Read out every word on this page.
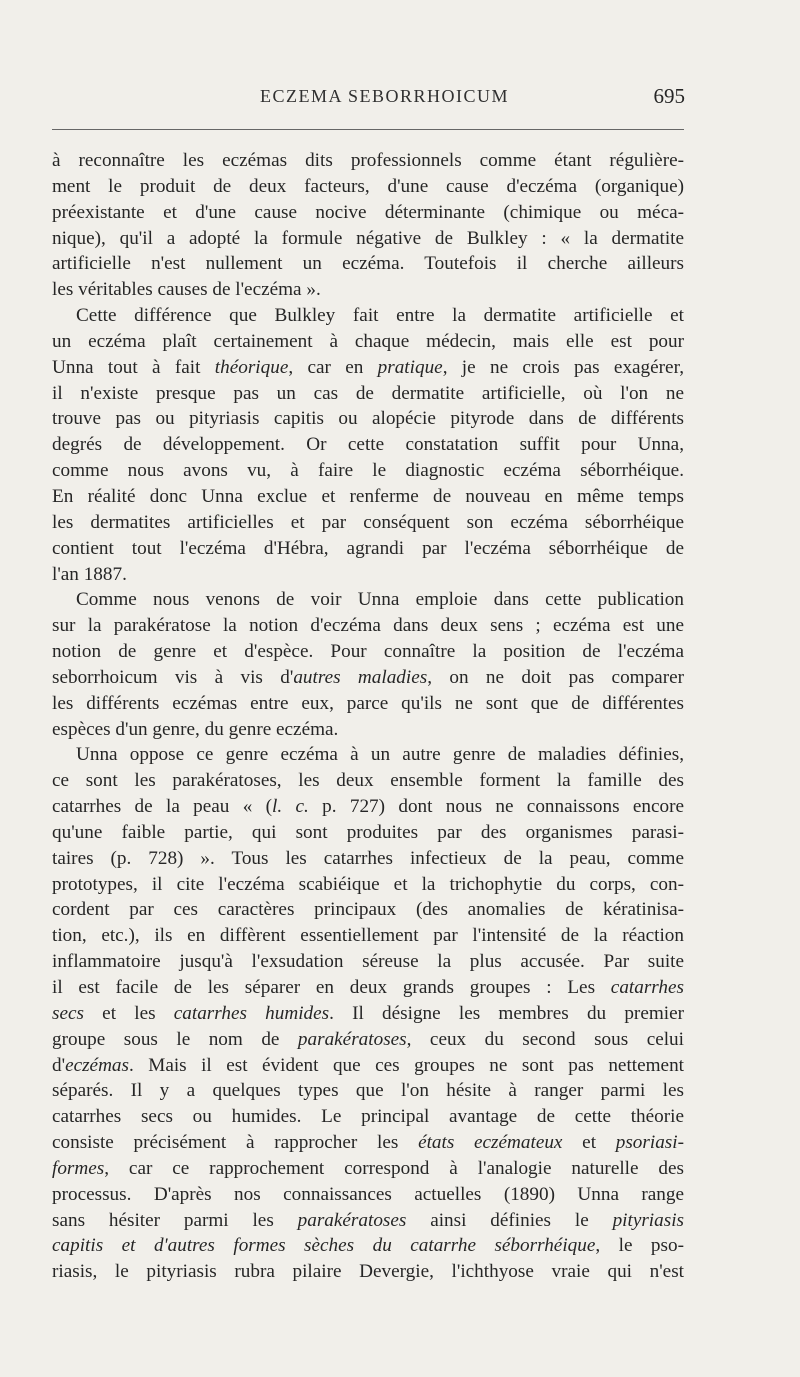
ECZEMA SEBORRHOICUM	695
à reconnaître les eczémas dits professionnels comme étant régulière-
ment le produit de deux facteurs, d'une cause d'eczéma (organique)
préexistante et d'une cause nocive déterminante (chimique ou méca-
nique), qu'il a adopté la formule négative de Bulkley : « la dermatite
artificielle n'est nullement un eczéma. Toutefois il cherche ailleurs
les véritables causes de l'eczéma ».
Cette différence que Bulkley fait entre la dermatite artificielle et
un eczéma plaît certainement à chaque médecin, mais elle est pour
Unna tout à fait théorique, car en pratique, je ne crois pas exagérer,
il n'existe presque pas un cas de dermatite artificielle, où l'on ne
trouve pas ou pityriasis capitis ou alopécie pityrode dans de différents
degrés de développement. Or cette constatation suffit pour Unna,
comme nous avons vu, à faire le diagnostic eczéma séborrhéique.
En réalité donc Unna exclue et renferme de nouveau en même temps
les dermatites artificielles et par conséquent son eczéma séborrhéique
contient tout l'eczéma d'Hébra, agrandi par l'eczéma séborrhéique de
l'an 1887.
Comme nous venons de voir Unna emploie dans cette publication
sur la parakératose la notion d'eczéma dans deux sens ; eczéma est une
notion de genre et d'espèce. Pour connaître la position de l'eczéma
seborrhoicum vis à vis d'autres maladies, on ne doit pas comparer
les différents eczémas entre eux, parce qu'ils ne sont que de différentes
espèces d'un genre, du genre eczéma.
Unna oppose ce genre eczéma à un autre genre de maladies définies,
ce sont les parakératoses, les deux ensemble forment la famille des
catarrhes de la peau « (l. c. p. 727) dont nous ne connaissons encore
qu'une faible partie, qui sont produites par des organismes parasi-
taires (p. 728) ». Tous les catarrhes infectieux de la peau, comme
prototypes, il cite l'eczéma scabiéique et la trichophytie du corps, con-
cordent par ces caractères principaux (des anomalies de kératinisa-
tion, etc.), ils en diffèrent essentiellement par l'intensité de la réaction
inflammatoire jusqu'à l'exsudation séreuse la plus accusée. Par suite
il est facile de les séparer en deux grands groupes : Les catarrhes
secs et les catarrhes humides. Il désigne les membres du premier
groupe sous le nom de parakératoses, ceux du second sous celui
d'eczémas. Mais il est évident que ces groupes ne sont pas nettement
séparés. Il y a quelques types que l'on hésite à ranger parmi les
catarrhes secs ou humides. Le principal avantage de cette théorie
consiste précisément à rapprocher les états eczémateux et psoriasi-
formes, car ce rapprochement correspond à l'analogie naturelle des
processus. D'après nos connaissances actuelles (1890) Unna range
sans hésiter parmi les parakératoses ainsi définies le pityriasis
capitis et d'autres formes sèches du catarrhe séborrhéique, le pso-
riasis, le pityriasis rubra pilaire Devergie, l'ichthyose vraie qui n'est
